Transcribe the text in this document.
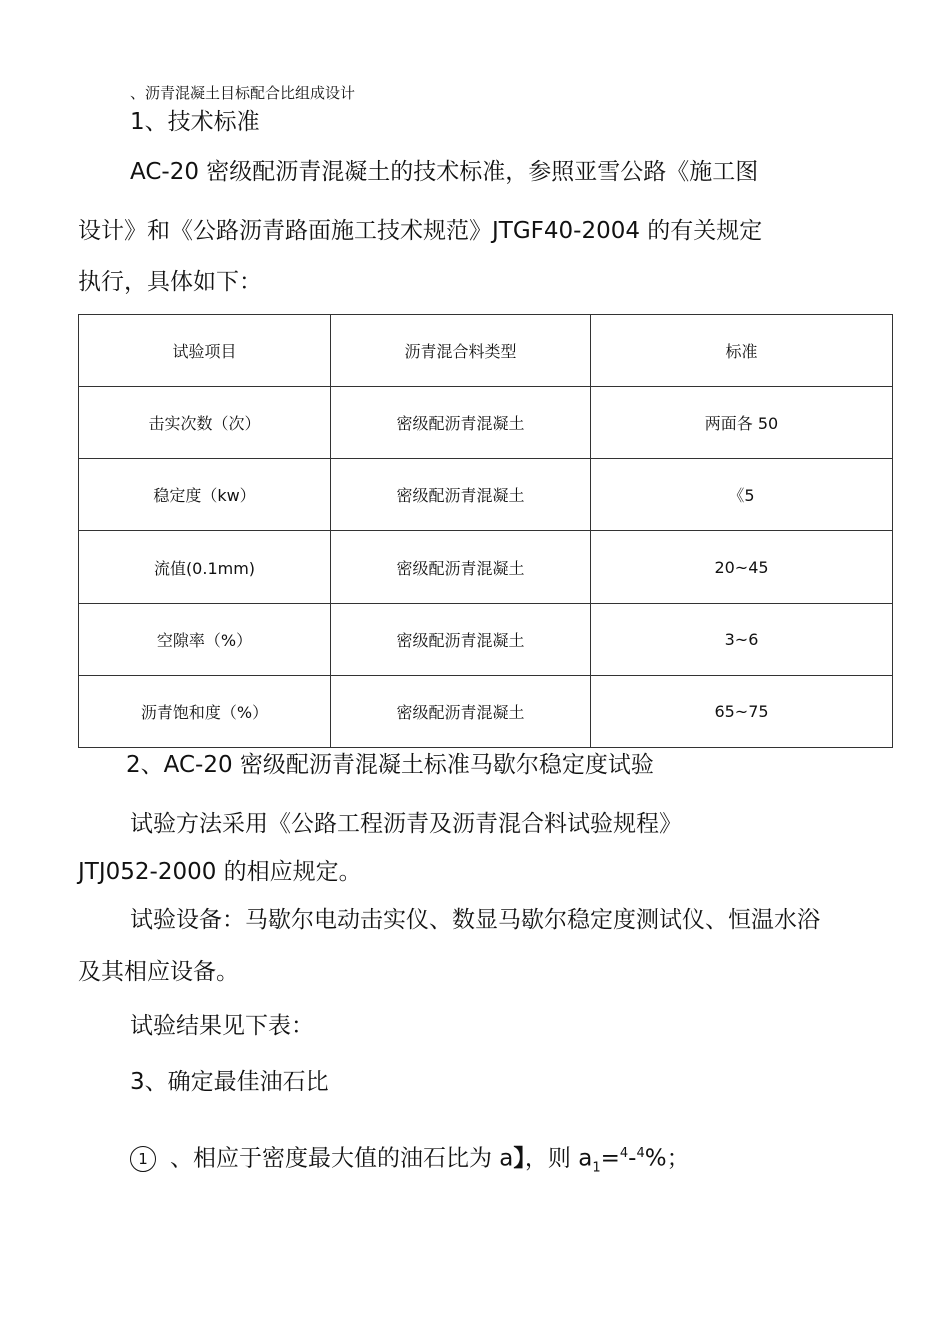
、沥青混凝土目标配合比组成设计
1、技术标准
AC-20 密级配沥青混凝土的技术标准，参照亚雪公路《施工图
设计》和《公路沥青路面施工技术规范》JTGF40-2004 的有关规定
执行，具体如下：
试验项目	沥青混合料类型	标准
击实次数（次）	密级配沥青混凝土	两面各 50
稳定度（kw）	密级配沥青混凝土	《5
流值(0.1mm)	密级配沥青混凝土	20~45
空隙率（%）	密级配沥青混凝土	3~6
沥青饱和度（%）	密级配沥青混凝土	65~75
2、AC-20 密级配沥青混凝土标准马歇尔稳定度试验
试验方法采用《公路工程沥青及沥青混合料试验规程》
JTJ052-2000 的相应规定。
试验设备：马歇尔电动击实仪、数显马歇尔稳定度测试仪、恒温水浴
及其相应设备。
试验结果见下表：
3、确定最佳油石比
1 、相应于密度最大值的油石比为 a】，则 $a_1=^4-^4\%$；
